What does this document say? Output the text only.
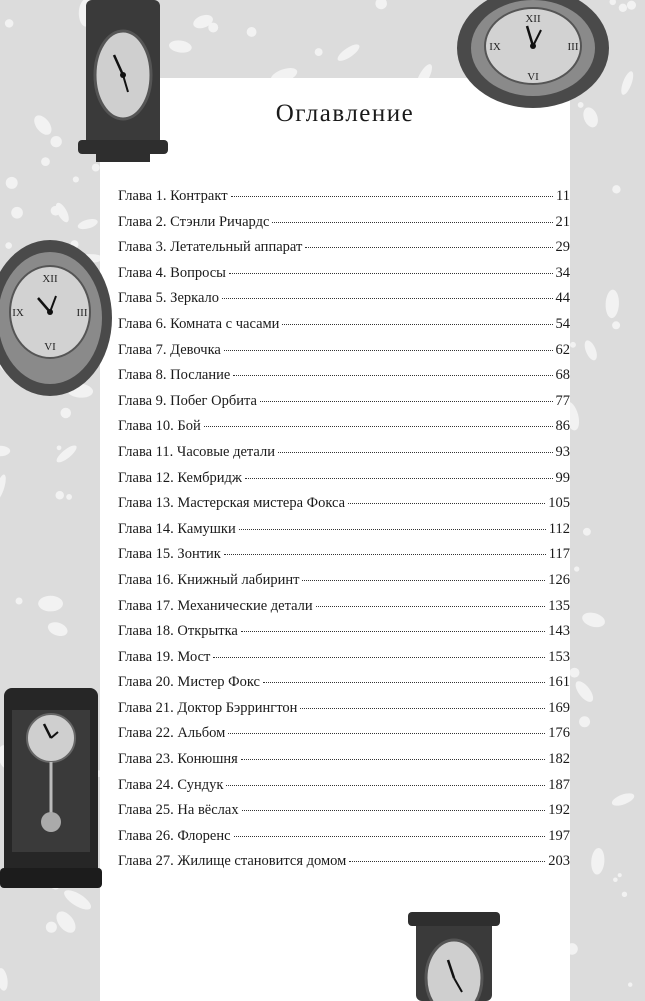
XII
III
IX
VI
XII
III
IX
VI
Оглавление
Глава 1. Контракт	11
Глава 2. Стэнли Ричардс	21
Глава 3. Летательный аппарат	29
Глава 4. Вопросы	34
Глава 5. Зеркало	44
Глава 6. Комната с часами	54
Глава 7. Девочка	62
Глава 8. Послание	68
Глава 9. Побег Орбита	77
Глава 10. Бой	86
Глава 11. Часовые детали	93
Глава 12. Кембридж	99
Глава 13. Мастерская мистера Фокса	105
Глава 14. Камушки	112
Глава 15. Зонтик	117
Глава 16. Книжный лабиринт	126
Глава 17. Механические детали	135
Глава 18. Открытка	143
Глава 19. Мост	153
Глава 20. Мистер Фокс	161
Глава 21. Доктор Бэррингтон	169
Глава 22. Альбом	176
Глава 23. Конюшня	182
Глава 24. Сундук	187
Глава 25. На вёслах	192
Глава 26. Флоренс	197
Глава 27. Жилище становится домом	203
